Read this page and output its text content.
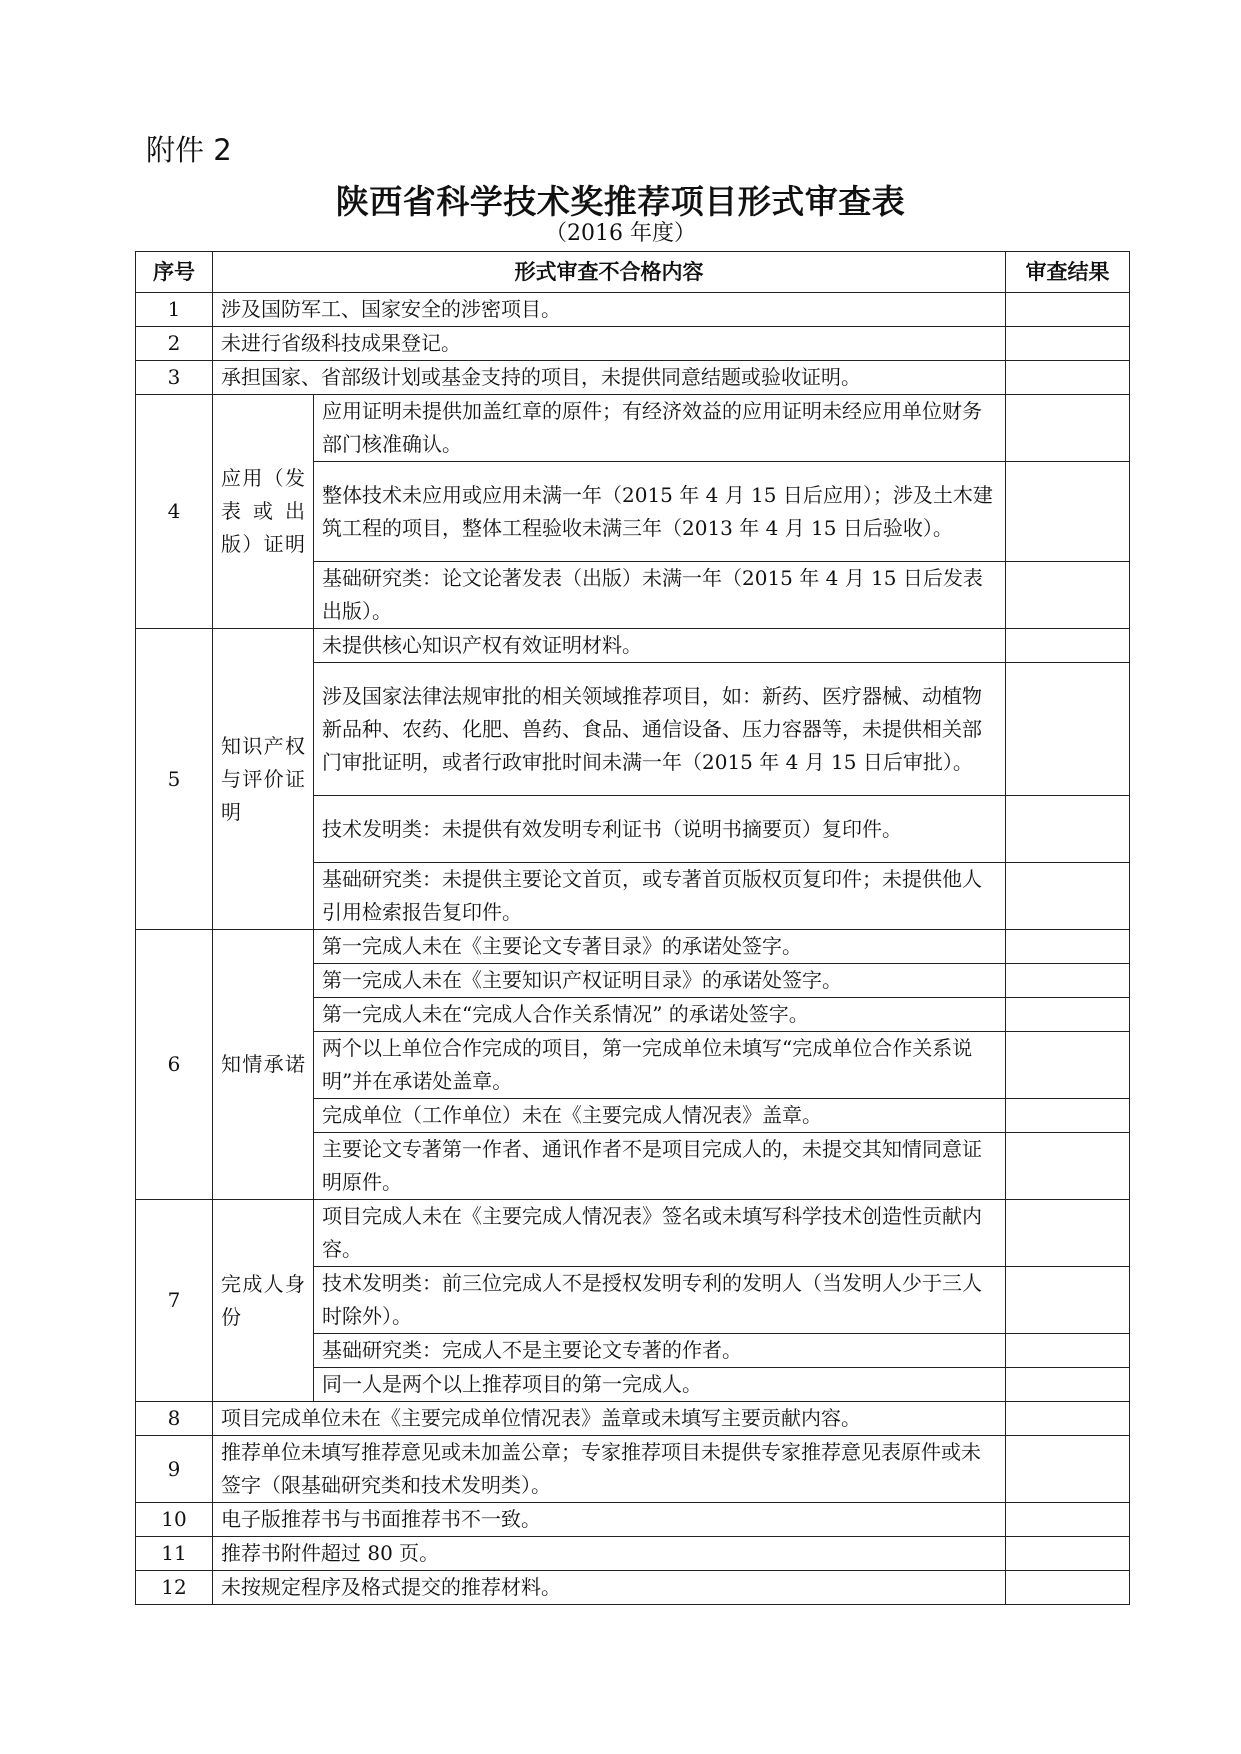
附件 2
陕西省科学技术奖推荐项目形式审查表
（2016 年度）
序号	形式审查不合格内容		审查结果
1	涉及国防军工、国家安全的涉密项目。		
2	未进行省级科技成果登记。		
3	承担国家、省部级计划或基金支持的项目，未提供同意结题或验收证明。		
4	应用（发表或出版）证明	应用证明未提供加盖红章的原件；有经济效益的应用证明未经应用单位财务部门核准确认。	
		整体技术未应用或应用未满一年（2015 年 4 月 15 日后应用）；涉及土木建筑工程的项目，整体工程验收未满三年（2013 年 4 月 15 日后验收）。	
		基础研究类：论文论著发表（出版）未满一年（2015 年 4 月 15 日后发表出版）。	
5	知识产权与评价证明	未提供核心知识产权有效证明材料。	
		涉及国家法律法规审批的相关领域推荐项目，如：新药、医疗器械、动植物新品种、农药、化肥、兽药、食品、通信设备、压力容器等，未提供相关部门审批证明，或者行政审批时间未满一年（2015 年 4 月 15 日后审批）。	
		技术发明类：未提供有效发明专利证书（说明书摘要页）复印件。	
		基础研究类：未提供主要论文首页，或专著首页版权页复印件；未提供他人引用检索报告复印件。	
6	知情承诺	第一完成人未在《主要论文专著目录》的承诺处签字。	
		第一完成人未在《主要知识产权证明目录》的承诺处签字。	
		第一完成人未在“完成人合作关系情况” 的承诺处签字。	
		两个以上单位合作完成的项目，第一完成单位未填写“完成单位合作关系说明”并在承诺处盖章。	
		完成单位（工作单位）未在《主要完成人情况表》盖章。	
		主要论文专著第一作者、通讯作者不是项目完成人的，未提交其知情同意证明原件。	
7	完成人身份	项目完成人未在《主要完成人情况表》签名或未填写科学技术创造性贡献内容。	
		技术发明类：前三位完成人不是授权发明专利的发明人（当发明人少于三人时除外）。	
		基础研究类：完成人不是主要论文专著的作者。	
		同一人是两个以上推荐项目的第一完成人。	
8	项目完成单位未在《主要完成单位情况表》盖章或未填写主要贡献内容。		
9	推荐单位未填写推荐意见或未加盖公章；专家推荐项目未提供专家推荐意见表原件或未签字（限基础研究类和技术发明类）。		
10	电子版推荐书与书面推荐书不一致。		
11	推荐书附件超过 80 页。		
12	未按规定程序及格式提交的推荐材料。		
